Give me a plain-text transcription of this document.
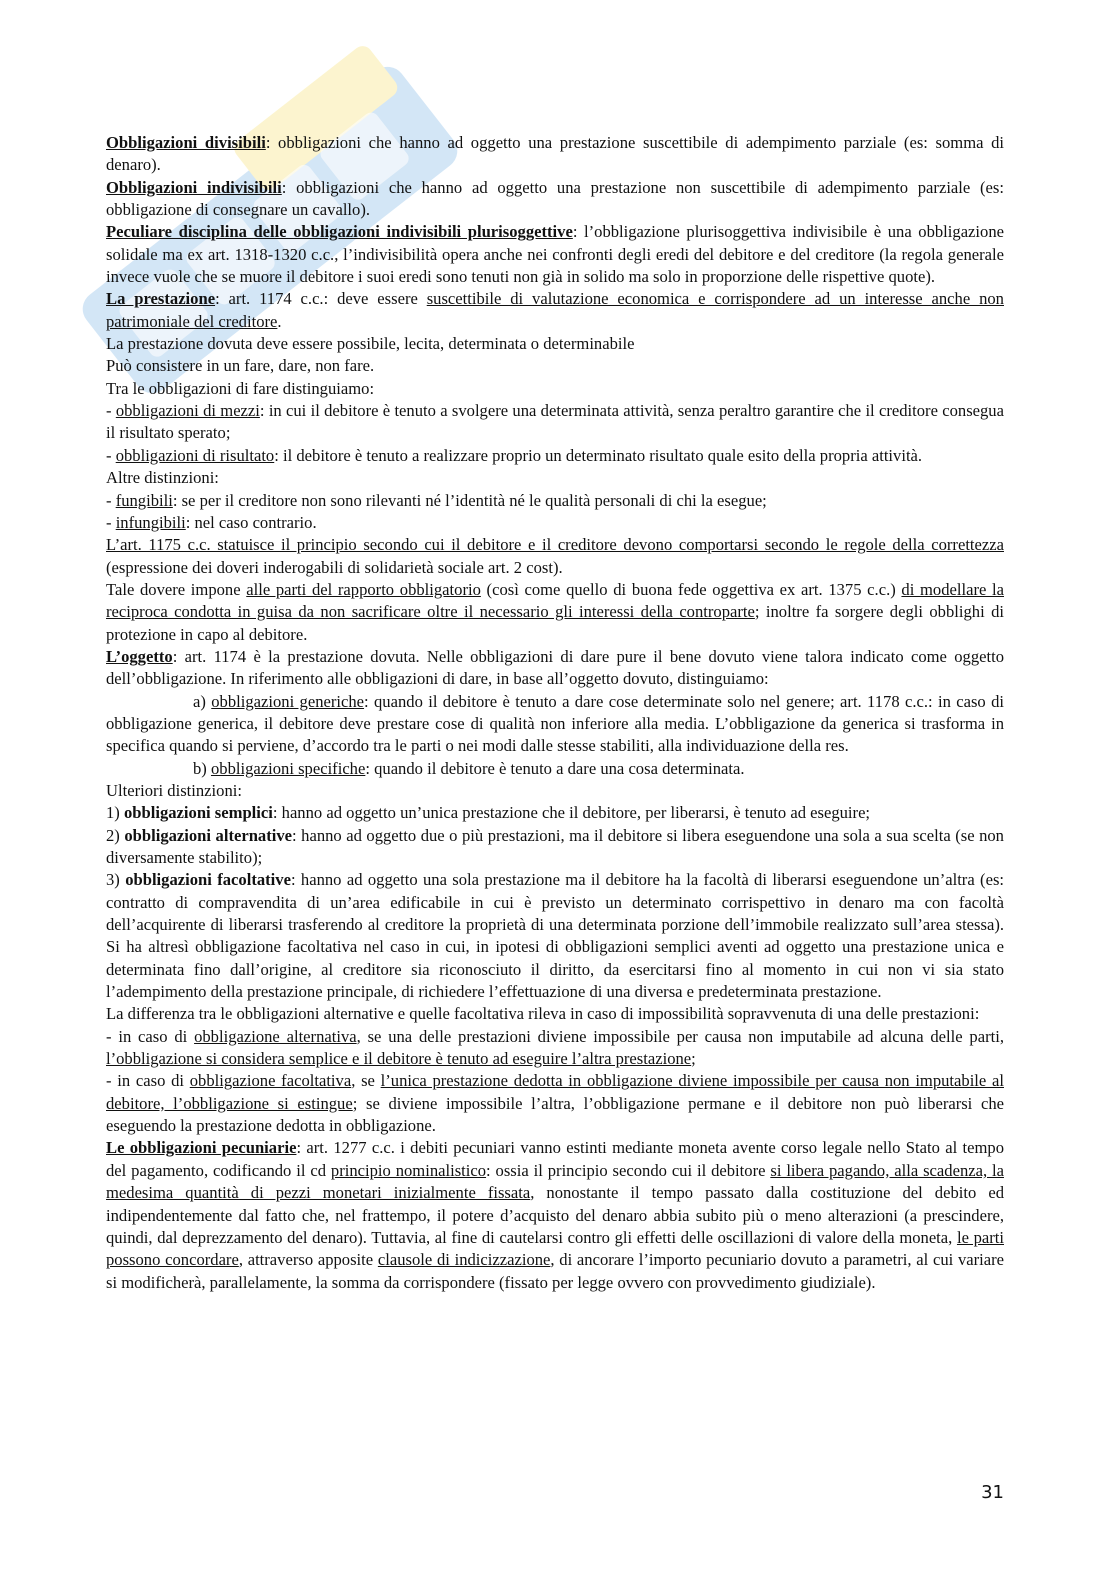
Obbligazioni divisibili: obbligazioni che hanno ad oggetto una prestazione suscettibile di adempimento parziale (es: somma di denaro).

Obbligazioni indivisibili: obbligazioni che hanno ad oggetto una prestazione non suscettibile di adempimento parziale (es: obbligazione di consegnare un cavallo).

Peculiare disciplina delle obbligazioni indivisibili plurisoggettive: l’obbligazione plurisoggettiva indivisibile è una obbligazione solidale ma ex art. 1318-1320 c.c., l’indivisibilità opera anche nei confronti degli eredi del debitore e del creditore (la regola generale invece vuole che se muore il debitore i suoi eredi sono tenuti non già in solido ma solo in proporzione delle rispettive quote).

La prestazione: art. 1174 c.c.: deve essere suscettibile di valutazione economica e corrispondere ad un interesse anche non patrimoniale del creditore.

La prestazione dovuta deve essere possibile, lecita, determinata o determinabile

Può consistere in un fare, dare, non fare.

Tra le obbligazioni di fare distinguiamo:

- obbligazioni di mezzi: in cui il debitore è tenuto a svolgere una determinata attività, senza peraltro garantire che il creditore consegua il risultato sperato;

- obbligazioni di risultato: il debitore è tenuto a realizzare proprio un determinato risultato quale esito della propria attività.

Altre distinzioni:

- fungibili: se per il creditore non sono rilevanti né l’identità né le qualità personali di chi la esegue;

- infungibili: nel caso contrario.

L’art. 1175 c.c. statuisce il principio secondo cui il debitore e il creditore devono comportarsi secondo le regole della correttezza (espressione dei doveri inderogabili di solidarietà sociale art. 2 cost).

Tale dovere impone alle parti del rapporto obbligatorio (così come quello di buona fede oggettiva ex art. 1375 c.c.) di modellare la reciproca condotta in guisa da non sacrificare oltre il necessario gli interessi della controparte; inoltre fa sorgere degli obblighi di protezione in capo al debitore.

L’oggetto: art. 1174 è la prestazione dovuta. Nelle obbligazioni di dare pure il bene dovuto viene talora indicato come oggetto dell’obbligazione. In riferimento alle obbligazioni di dare, in base all’oggetto dovuto, distinguiamo:

a) obbligazioni generiche: quando il debitore è tenuto a dare cose determinate solo nel genere; art. 1178 c.c.: in caso di obbligazione generica, il debitore deve prestare cose di qualità non inferiore alla media. L’obbligazione da generica si trasforma in specifica quando si perviene, d’accordo tra le parti o nei modi dalle stesse stabiliti, alla individuazione della res.

b) obbligazioni specifiche: quando il debitore è tenuto a dare una cosa determinata.

Ulteriori distinzioni:

1) obbligazioni semplici: hanno ad oggetto un’unica prestazione che il debitore, per liberarsi, è tenuto ad eseguire;

2) obbligazioni alternative: hanno ad oggetto due o più prestazioni, ma il debitore si libera eseguendone una sola a sua scelta (se non diversamente stabilito);

3) obbligazioni facoltative: hanno ad oggetto una sola prestazione ma il debitore ha la facoltà di liberarsi eseguendone un’altra (es: contratto di compravendita di un’area edificabile in cui è previsto un determinato corrispettivo in denaro ma con facoltà dell’acquirente di liberarsi trasferendo al creditore la proprietà di una determinata porzione dell’immobile realizzato sull’area stessa). Si ha altresì obbligazione facoltativa nel caso in cui, in ipotesi di obbligazioni semplici aventi ad oggetto una prestazione unica e determinata fino dall’origine, al creditore sia riconosciuto il diritto, da esercitarsi fino al momento in cui non vi sia stato l’adempimento della prestazione principale, di richiedere l’effettuazione di una diversa e predeterminata prestazione.

La differenza tra le obbligazioni alternative e quelle facoltativa rileva in caso di impossibilità sopravvenuta di una delle prestazioni:

- in caso di obbligazione alternativa, se una delle prestazioni diviene impossibile per causa non imputabile ad alcuna delle parti, l’obbligazione si considera semplice e il debitore è tenuto ad eseguire l’altra prestazione;

- in caso di obbligazione facoltativa, se l’unica prestazione dedotta in obbligazione diviene impossibile per causa non imputabile al debitore, l’obbligazione si estingue; se diviene impossibile l’altra, l’obbligazione permane e il debitore non può liberarsi che eseguendo la prestazione dedotta in obbligazione.

Le obbligazioni pecuniarie: art. 1277 c.c. i debiti pecuniari vanno estinti mediante moneta avente corso legale nello Stato al tempo del pagamento, codificando il cd principio nominalistico: ossia il principio secondo cui il debitore si libera pagando, alla scadenza, la medesima quantità di pezzi monetari inizialmente fissata, nonostante il tempo passato dalla costituzione del debito ed indipendentemente dal fatto che, nel frattempo, il potere d’acquisto del denaro abbia subito più o meno alterazioni (a prescindere, quindi, dal deprezzamento del denaro). Tuttavia, al fine di cautelarsi contro gli effetti delle oscillazioni di valore della moneta, le parti possono concordare, attraverso apposite clausole di indicizzazione, di ancorare l’importo pecuniario dovuto a parametri, al cui variare si modificherà, parallelamente, la somma da corrispondere (fissato per legge ovvero con provvedimento giudiziale).

31
